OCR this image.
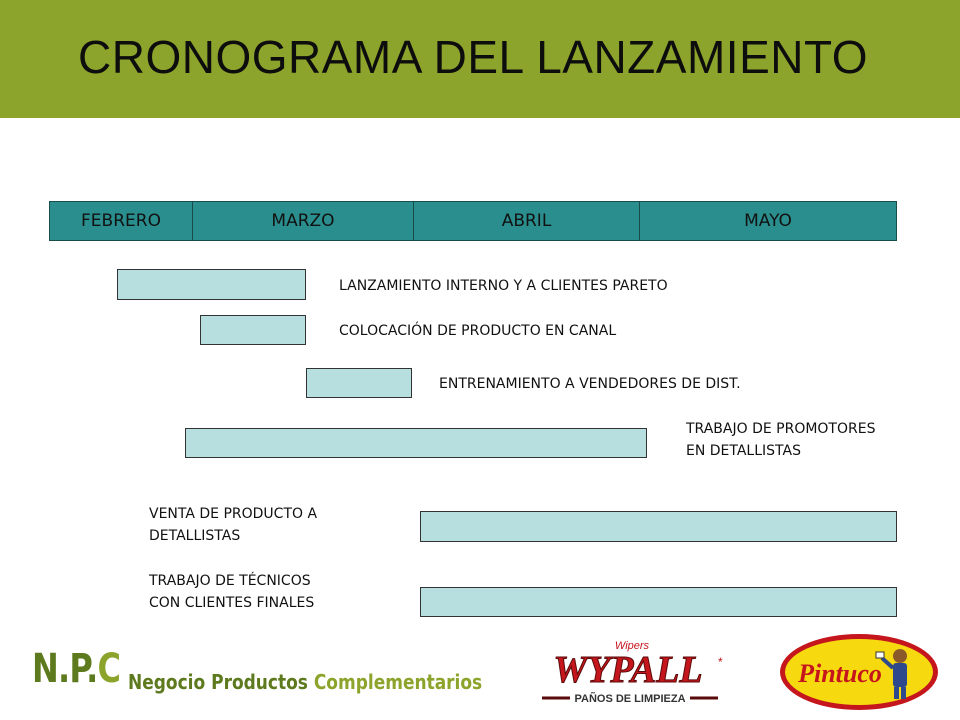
CRONOGRAMA DEL LANZAMIENTO
FEBRERO	MARZO	ABRIL	MAYO
LANZAMIENTO INTERNO Y A CLIENTES PARETO
COLOCACIÓN DE PRODUCTO EN CANAL
ENTRENAMIENTO A VENDEDORES DE DIST.
TRABAJO DE PROMOTORES
EN DETALLISTAS
VENTA DE PRODUCTO A
DETALLISTAS
TRABAJO DE TÉCNICOS
CON CLIENTES FINALES
N.P.C Negocio Productos Complementarios
Wipers
WYPALL *
PAÑOS DE LIMPIEZA
Pintuco
